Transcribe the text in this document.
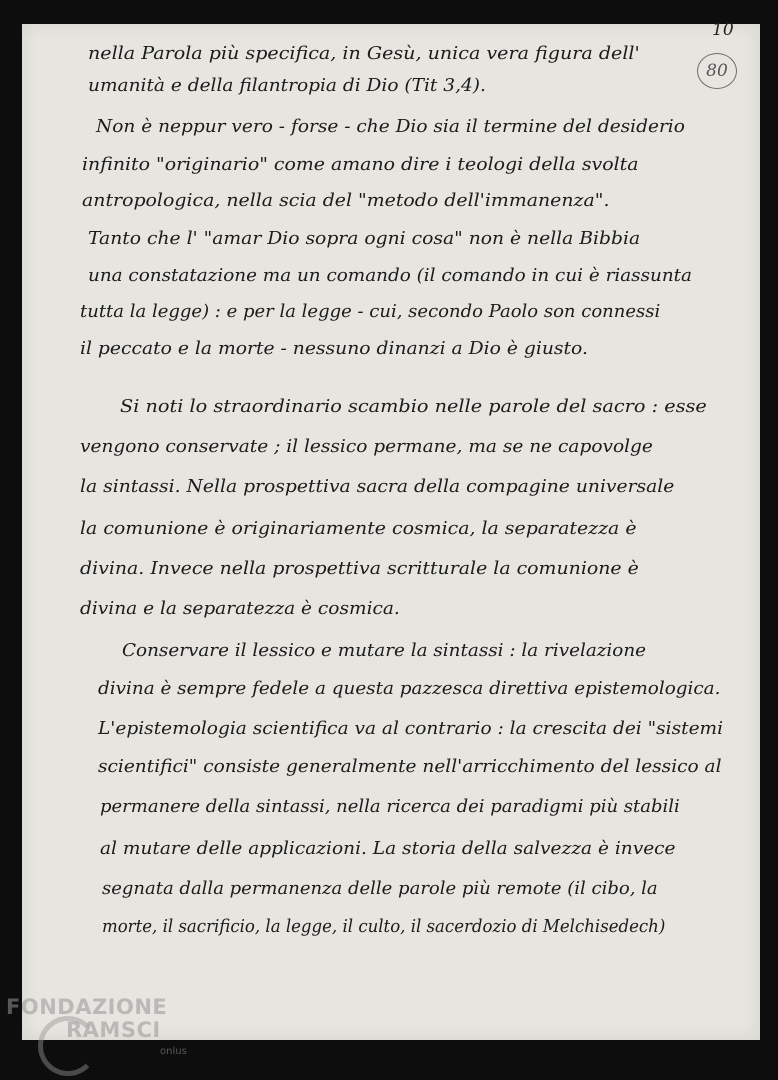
10
80
nella Parola più specifica, in Gesù, unica vera figura dell'
umanità e della filantropia di Dio (Tit 3,4).
Non è neppur vero - forse - che Dio sia il termine del desiderio
infinito "originario" come amano dire i teologi della svolta
antropologica, nella scia del "metodo dell'immanenza".
Tanto che l' "amar Dio sopra ogni cosa" non è nella Bibbia
una constatazione ma un comando (il comando in cui è riassunta
tutta la legge) : e per la legge - cui, secondo Paolo son connessi
il peccato e la morte - nessuno dinanzi a Dio è giusto.
Si noti lo straordinario scambio nelle parole del sacro : esse
vengono conservate ; il lessico permane, ma se ne capovolge
la sintassi. Nella prospettiva sacra della compagine universale
la comunione è originariamente cosmica, la separatezza è
divina. Invece nella prospettiva scritturale la comunione è
divina e la separatezza è cosmica.
Conservare il lessico e mutare la sintassi : la rivelazione
divina è sempre fedele a questa pazzesca direttiva epistemologica.
L'epistemologia scientifica va al contrario : la crescita dei "sistemi
scientifici" consiste generalmente nell'arricchimento del lessico al
permanere della sintassi, nella ricerca dei paradigmi più stabili
al mutare delle applicazioni. La storia della salvezza è invece
segnata dalla permanenza delle parole più remote (il cibo, la
morte, il sacrificio, la legge, il culto, il sacerdozio di Melchisedech)
FONDAZIONE
RAMSCI
onlus
